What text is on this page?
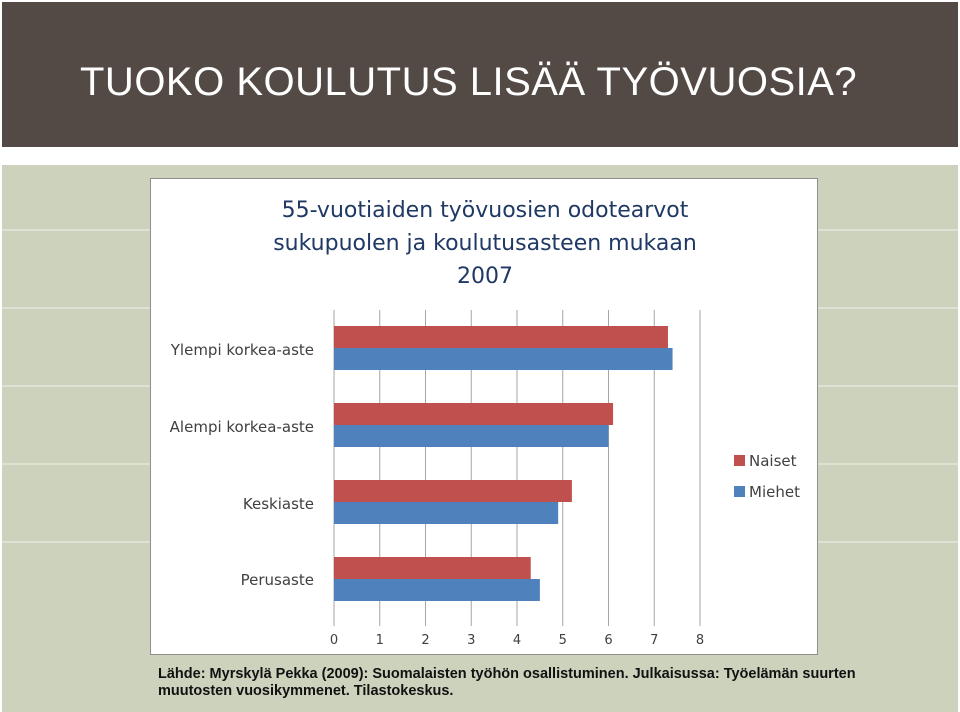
TUOKO KOULUTUS LISÄÄ TYÖVUOSIA?
55-vuotiaiden työvuosien odotearvot
sukupuolen ja koulutusasteen mukaan
2007
Ylempi korkea-aste
Alempi korkea-aste
Keskiaste
Perusaste
0	1	2	3	4	5	6	7	8
Naiset
Miehet
Lähde: Myrskylä Pekka (2009): Suomalaisten työhön osallistuminen. Julkaisussa: Työelämän suurten muutosten vuosikymmenet. Tilastokeskus.
